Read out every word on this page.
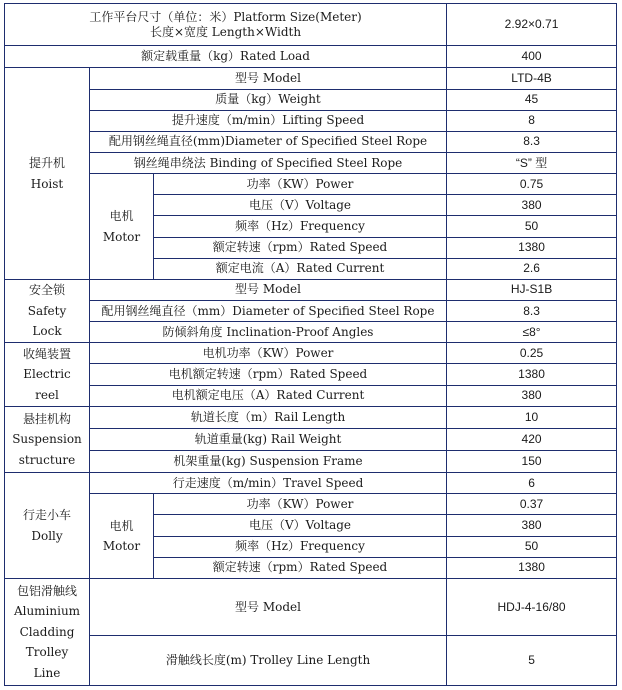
工作平台尺寸（单位：米）Platform Size(Meter)
长度×宽度 Length×Width			2.92×0.71
额定载重量（kg）Rated Load			400

提升机
Hoist	型号 Model		LTD-4B
	质量（kg）Weight		45
	提升速度（m/min）Lifting Speed		8
	配用钢丝绳直径(mm)Diameter of Specified Steel Rope		8.3
	钢丝绳串绕法 Binding of Specified Steel Rope		“S” 型

	电机
Motor	功率（KW）Power	0.75
		电压（V）Voltage	380
		频率（Hz）Frequency	50
		额定转速（rpm）Rated Speed	1380
		额定电流（A）Rated Current	2.6

安全锁
Safety
Lock	型号 Model		HJ-S1B
	配用钢丝绳直径（mm）Diameter of Specified Steel Rope		8.3
	防倾斜角度 Inclination-Proof Angles		≤8°

收绳装置
Electric
reel	电机功率（KW）Power		0.25
	电机额定转速（rpm）Rated Speed		1380
	电机额定电压（A）Rated Current		380

悬挂机构
Suspension
structure	轨道长度（m）Rail Length		10
	轨道重量(kg) Rail Weight		420
	机架重量(kg) Suspension Frame		150

行走小车
Dolly	行走速度（m/min）Travel Speed		6

	电机
Motor	功率（KW）Power	0.37
		电压（V）Voltage	380
		频率（Hz）Frequency	50
		额定转速（rpm）Rated Speed	1380

包铝滑触线
Aluminium
Cladding
Trolley
Line	型号 Model		HDJ-4-16/80
	滑触线长度(m) Trolley Line Length		5
